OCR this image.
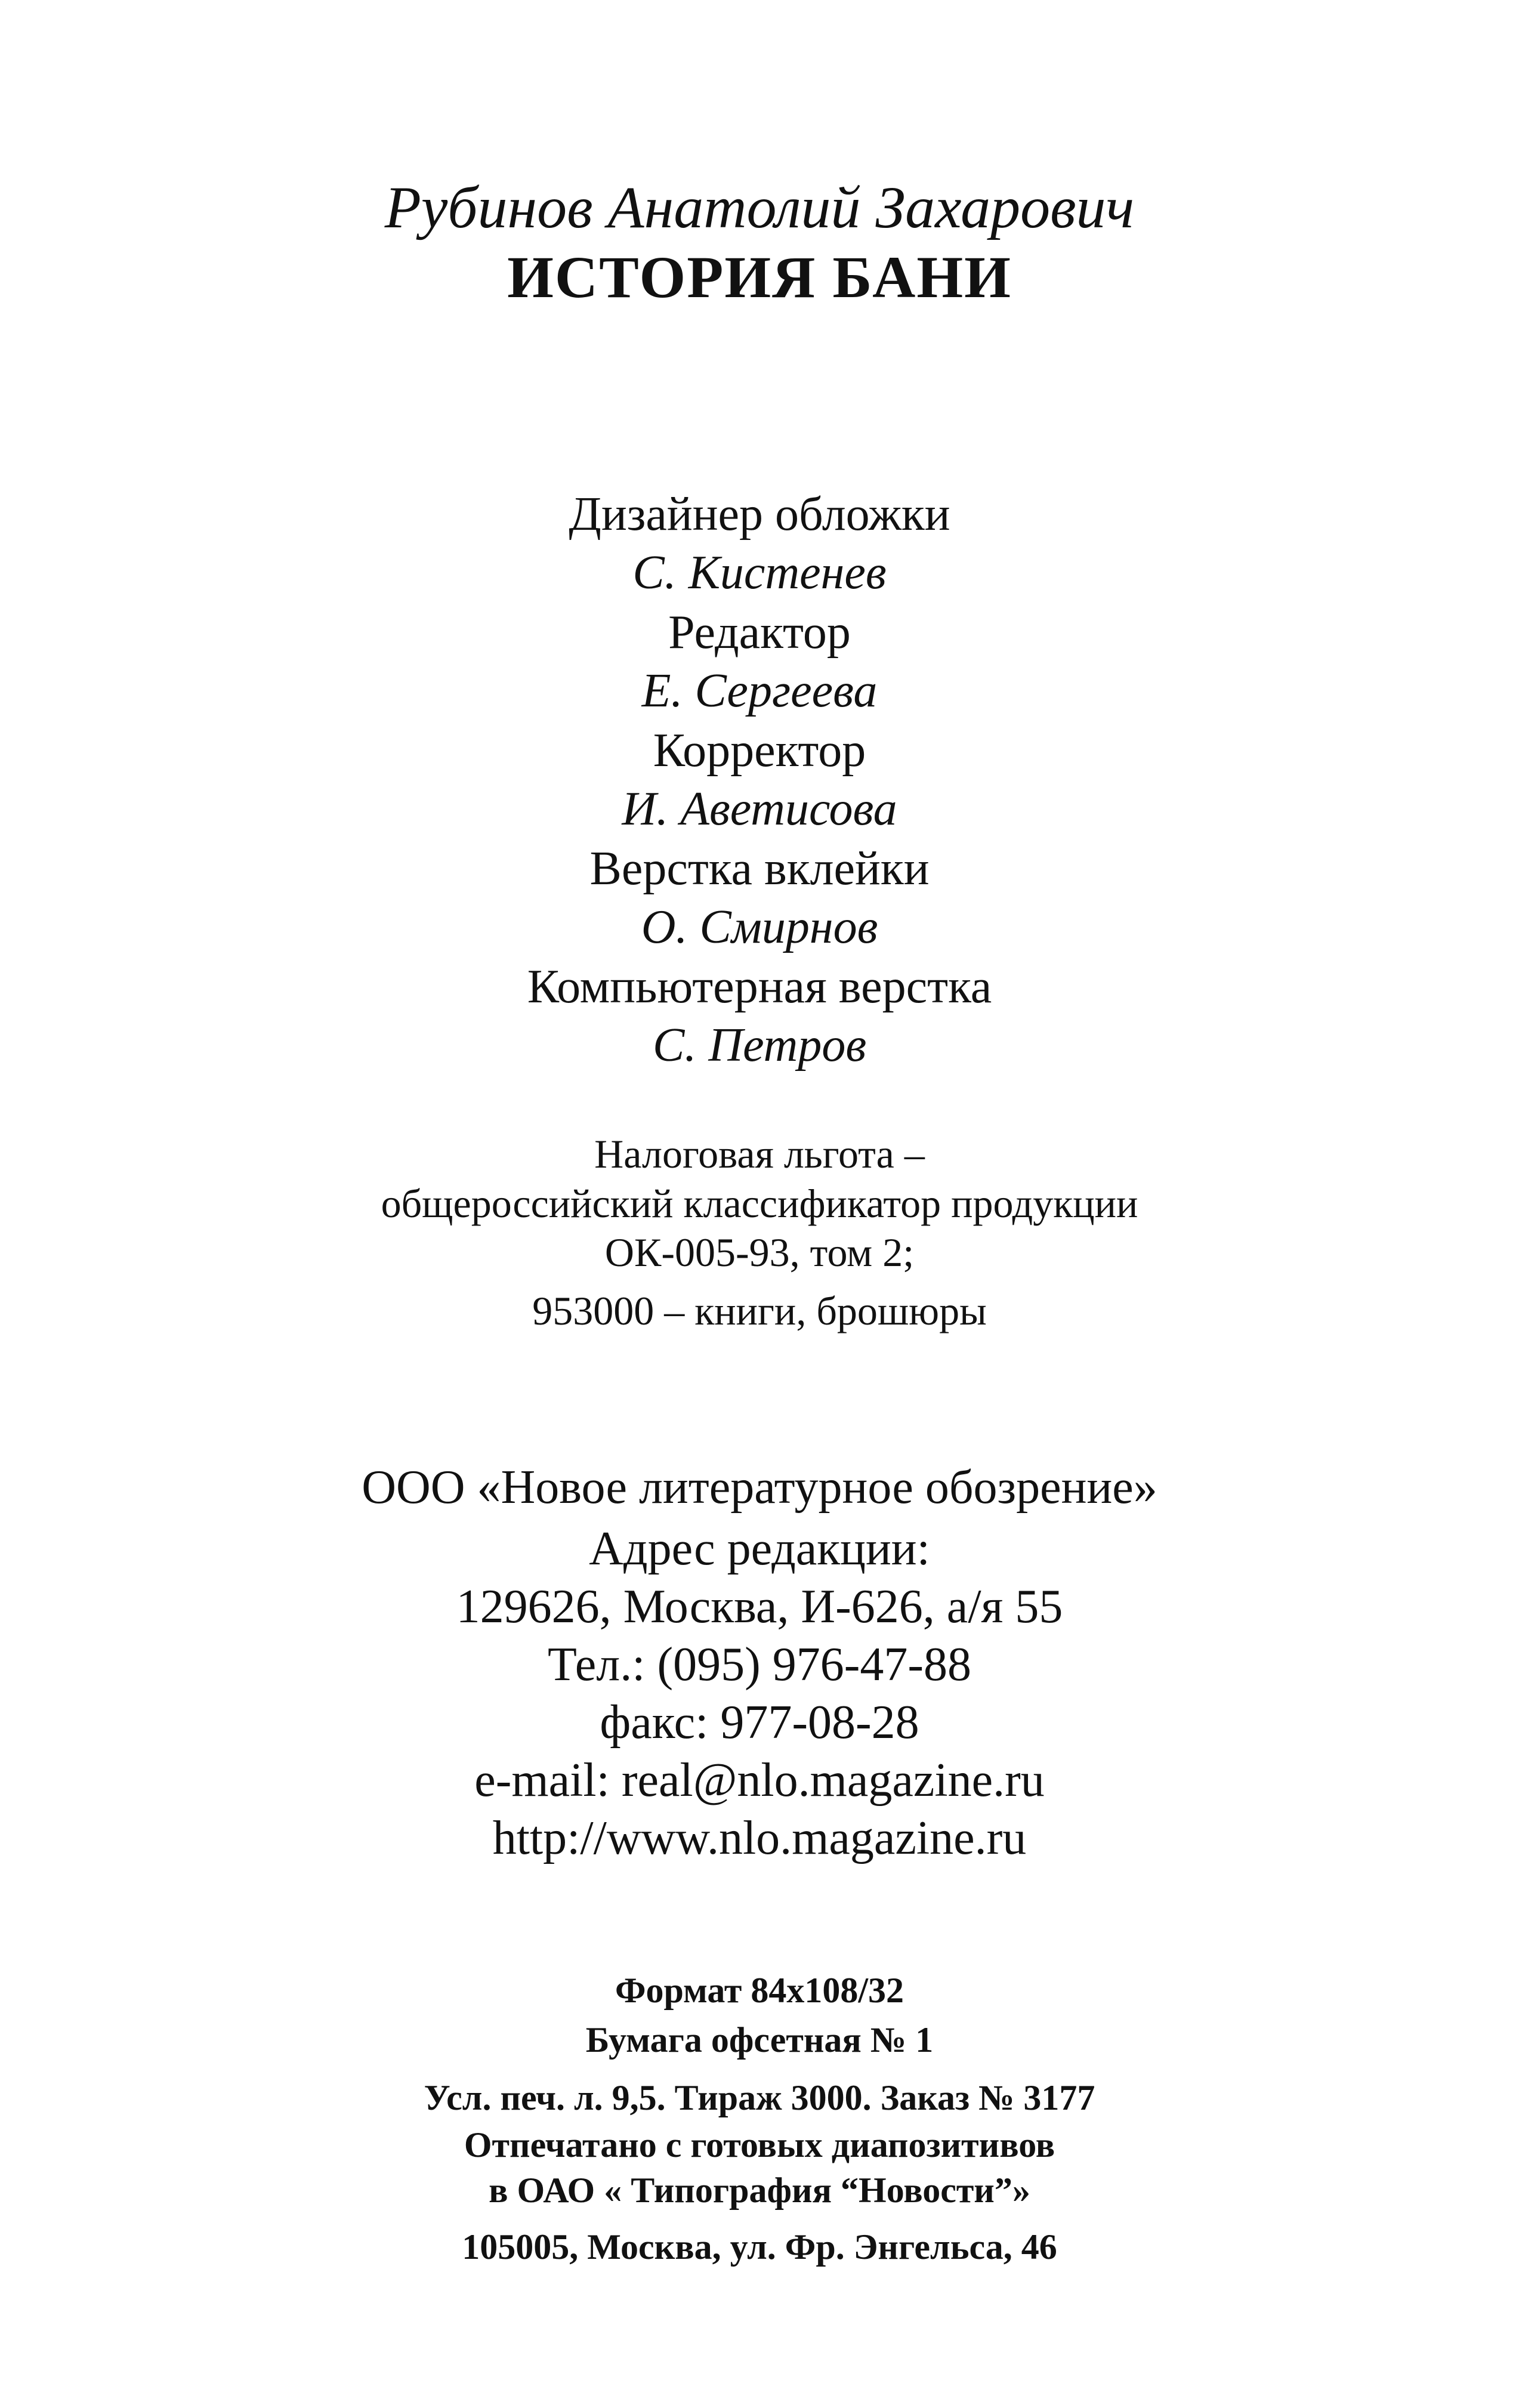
Рубинов Анатолий Захарович
ИСТОРИЯ БАНИ
Дизайнер обложки
С. Кистенев
Редактор
Е. Сергеева
Корректор
И. Аветисова
Верстка вклейки
О. Смирнов
Компьютерная верстка
С. Петров
Налоговая льгота –
общероссийский классификатор продукции
ОК-005-93, том 2;
953000 – книги, брошюры
ООО «Новое литературное обозрение»
Адрес редакции:
129626, Москва, И-626, а/я 55
Тел.: (095) 976-47-88
факс: 977-08-28
e-mail: real@nlo.magazine.ru
http://www.nlo.magazine.ru
Формат 84x108/32
Бумага офсетная № 1
Усл. печ. л. 9,5. Тираж 3000. Заказ № 3177
Отпечатано с готовых диапозитивов
в ОАО « Типография “Новости”»
105005, Москва, ул. Фр. Энгельса, 46
